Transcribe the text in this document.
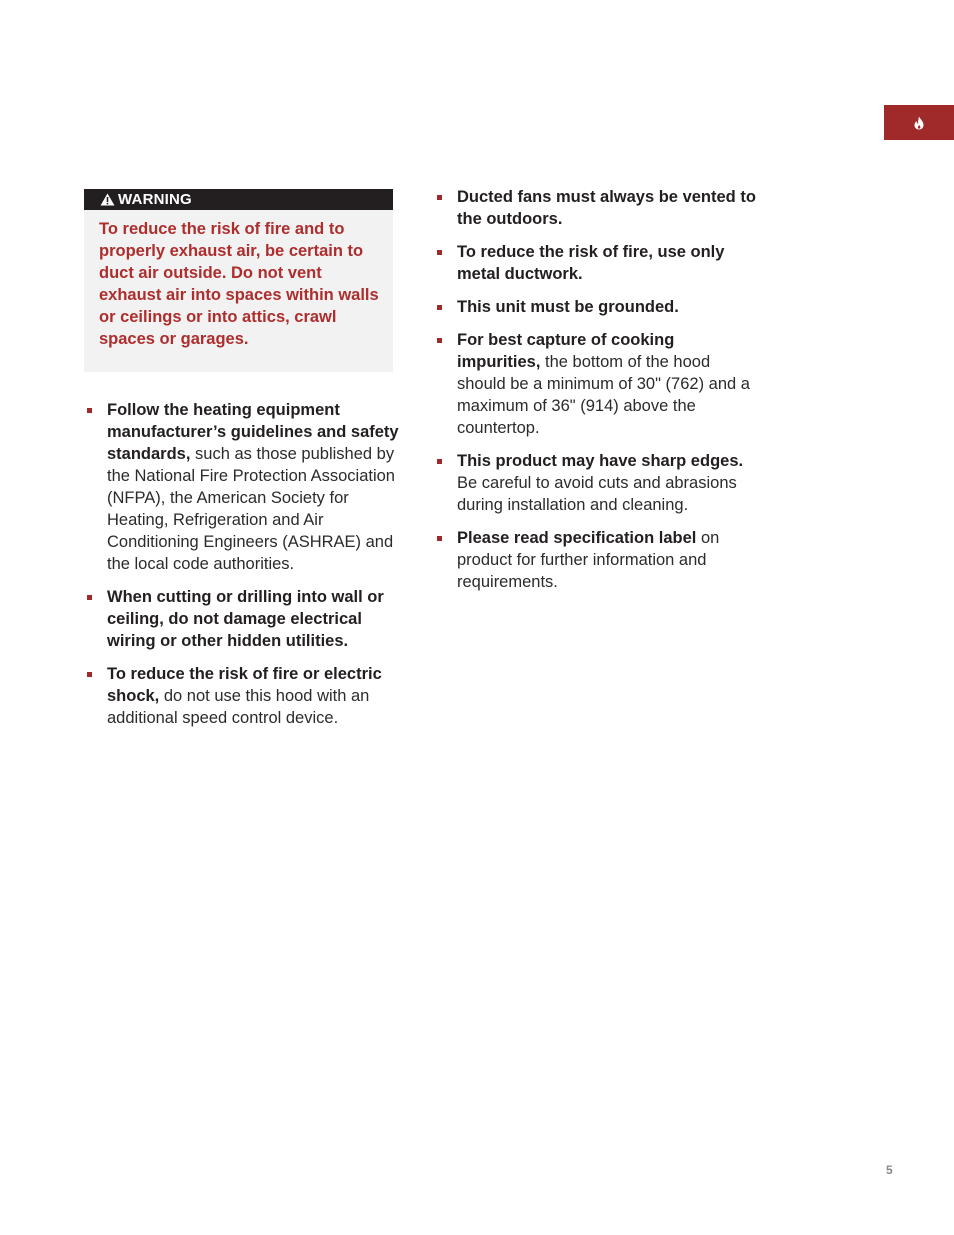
WARNING
To reduce the risk of fire and to properly exhaust air, be certain to duct air outside. Do not vent exhaust air into spaces within walls or ceilings or into attics, crawl spaces or garages.
Follow the heating equipment manufacturer’s guidelines and safety standards, such as those published by the National Fire Protection Association (NFPA), the American Society for Heating, Refrigeration and Air Conditioning Engineers (ASHRAE) and the local code authorities.
When cutting or drilling into wall or ceiling, do not damage electrical wiring or other hidden utilities.
To reduce the risk of fire or electric shock, do not use this hood with an additional speed control device.
Ducted fans must always be vented to the outdoors.
To reduce the risk of fire, use only metal ductwork.
This unit must be grounded.
For best capture of cooking impurities, the bottom of the hood should be a minimum of 30" (762) and a maximum of 36" (914) above the countertop.
This product may have sharp edges. Be careful to avoid cuts and abrasions during installation and cleaning.
Please read specification label on product for further information and requirements.
5
